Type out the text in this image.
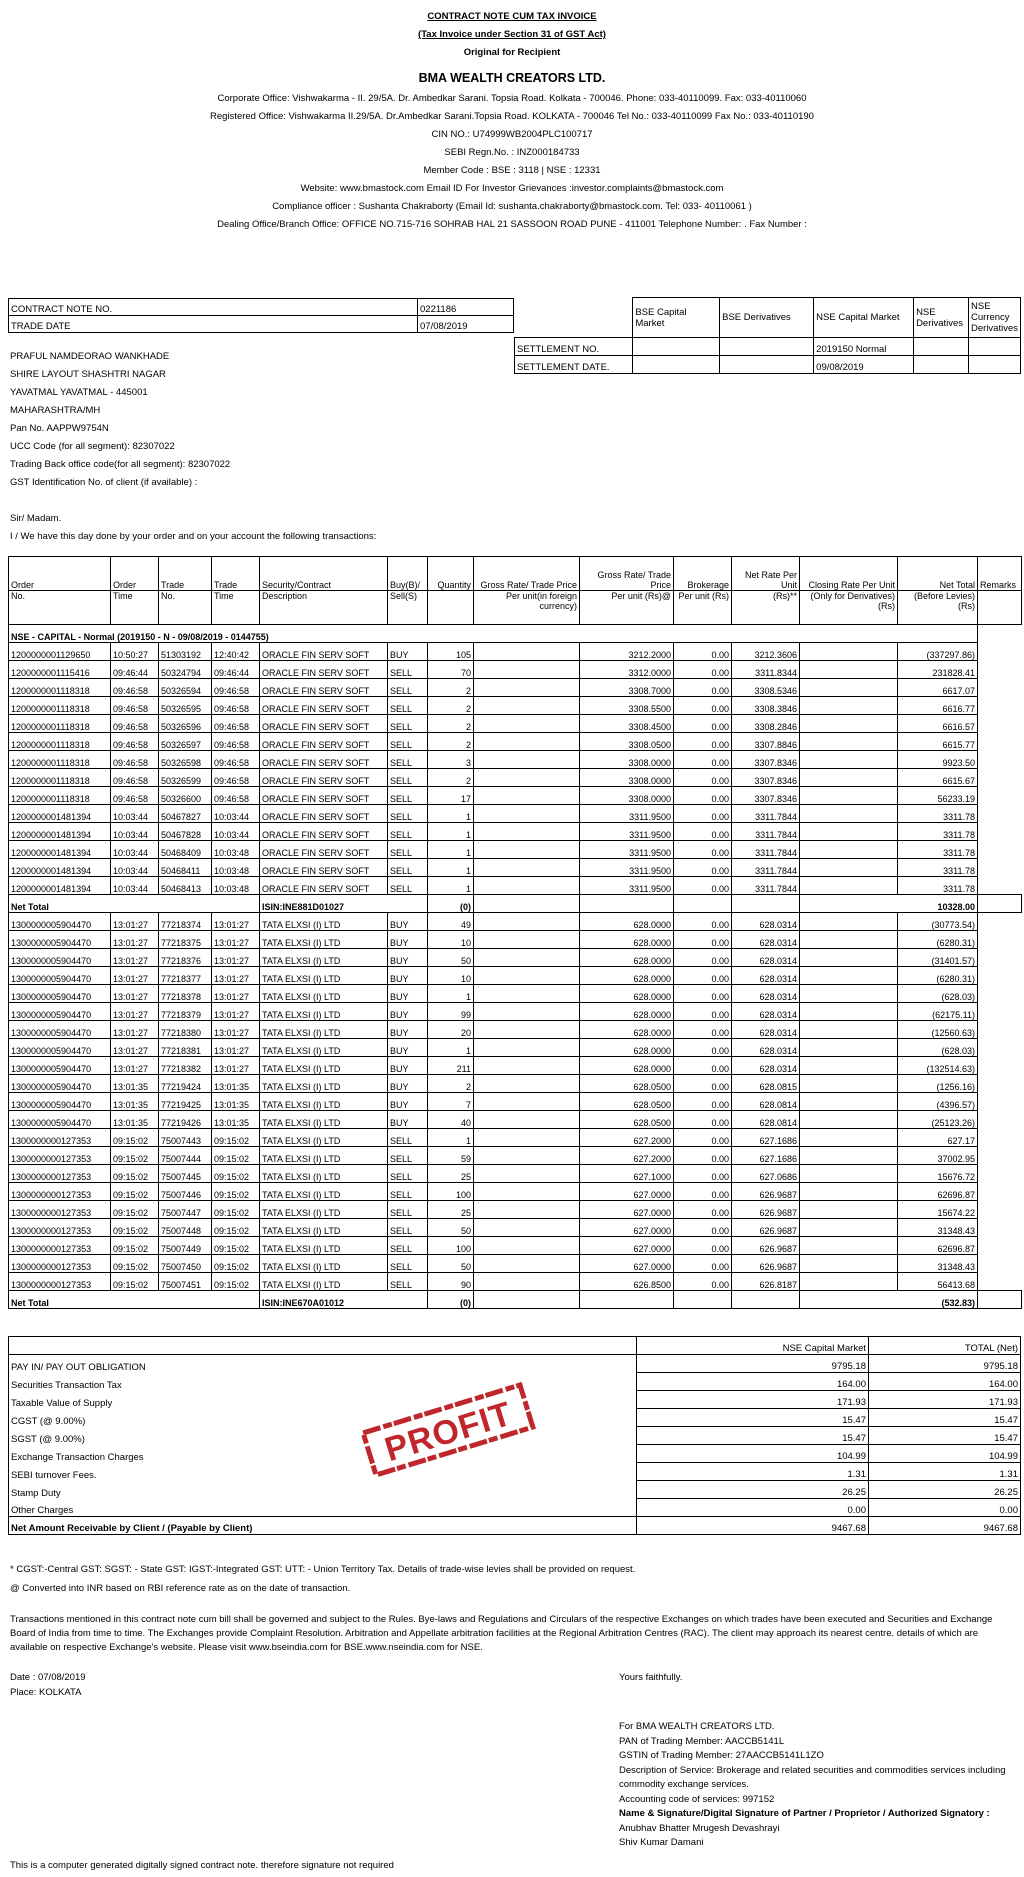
CONTRACT NOTE CUM TAX INVOICE
(Tax Invoice under Section 31 of GST Act)
Original for Recipient
BMA WEALTH CREATORS LTD.
Corporate Office: Vishwakarma - II. 29/5A. Dr. Ambedkar Sarani. Topsia Road. Kolkata - 700046. Phone: 033-40110099. Fax: 033-40110060
Registered Office: Vishwakarma II.29/5A. Dr.Ambedkar Sarani.Topsia Road. KOLKATA - 700046 Tel No.: 033-40110099 Fax No.: 033-40110190
CIN NO.: U74999WB2004PLC100717
SEBI Regn.No. : INZ000184733
Member Code : BSE : 3118 | NSE : 12331
Website: www.bmastock.com Email ID For Investor Grievances :investor.complaints@bmastock.com
Compliance officer : Sushanta Chakraborty (Email Id: sushanta.chakraborty@bmastock.com. Tel: 033- 40110061 )
Dealing Office/Branch Office: OFFICE NO.715-716 SOHRAB HAL 21 SASSOON ROAD PUNE - 411001 Telephone Number: . Fax Number :
CONTRACT NOTE NO.	0221186
TRADE DATE	07/08/2019
	BSE Capital Market	BSE Derivatives	NSE Capital Market	NSE Derivatives	NSE Currency Derivatives
SETTLEMENT NO.			2019150 Normal		
SETTLEMENT DATE.			09/08/2019		
PRAFUL NAMDEORAO WANKHADE
SHIRE LAYOUT SHASHTRI NAGAR
YAVATMAL YAVATMAL - 445001
MAHARASHTRA/MH
Pan No. AAPPW9754N
UCC Code (for all segment): 82307022
Trading Back office code(for all segment): 82307022
GST Identification No. of client (if available) :
Sir/ Madam.
I / We have this day done by your order and on your account the following transactions:
Order	Order	Trade	Trade	Security/Contract	Buy(B)/	Quantity	Gross Rate/ Trade Price	Gross Rate/ Trade Price	Brokerage	Net Rate Per Unit	Closing Rate Per Unit	Net Total	Remarks	
No.	Time	No.	Time	Description	Sell(S)		Per unit(in foreign currency)	Per unit (Rs)@	Per unit (Rs)	(Rs)**	(Only for Derivatives)(Rs)	(Before Levies)(Rs)		
NSE - CAPITAL - Normal (2019150 - N - 09/08/2019 - 0144755)														
1200000001129650	10:50:27	51303192	12:40:42	ORACLE FIN SERV SOFT	BUY	105		3212.2000	0.00	3212.3606		(337297.86)		
1200000001115416	09:46:44	50324794	09:46:44	ORACLE FIN SERV SOFT	SELL	70		3312.0000	0.00	3311.8344		231828.41		
1200000001118318	09:46:58	50326594	09:46:58	ORACLE FIN SERV SOFT	SELL	2		3308.7000	0.00	3308.5346		6617.07		
1200000001118318	09:46:58	50326595	09:46:58	ORACLE FIN SERV SOFT	SELL	2		3308.5500	0.00	3308.3846		6616.77		
1200000001118318	09:46:58	50326596	09:46:58	ORACLE FIN SERV SOFT	SELL	2		3308.4500	0.00	3308.2846		6616.57		
1200000001118318	09:46:58	50326597	09:46:58	ORACLE FIN SERV SOFT	SELL	2		3308.0500	0.00	3307.8846		6615.77		
1200000001118318	09:46:58	50326598	09:46:58	ORACLE FIN SERV SOFT	SELL	3		3308.0000	0.00	3307.8346		9923.50		
1200000001118318	09:46:58	50326599	09:46:58	ORACLE FIN SERV SOFT	SELL	2		3308.0000	0.00	3307.8346		6615.67		
1200000001118318	09:46:58	50326600	09:46:58	ORACLE FIN SERV SOFT	SELL	17		3308.0000	0.00	3307.8346		56233.19		
1200000001481394	10:03:44	50467827	10:03:44	ORACLE FIN SERV SOFT	SELL	1		3311.9500	0.00	3311.7844		3311.78		
1200000001481394	10:03:44	50467828	10:03:44	ORACLE FIN SERV SOFT	SELL	1		3311.9500	0.00	3311.7844		3311.78		
1200000001481394	10:03:44	50468409	10:03:48	ORACLE FIN SERV SOFT	SELL	1		3311.9500	0.00	3311.7844		3311.78		
1200000001481394	10:03:44	50468411	10:03:48	ORACLE FIN SERV SOFT	SELL	1		3311.9500	0.00	3311.7844		3311.78		
1200000001481394	10:03:44	50468413	10:03:48	ORACLE FIN SERV SOFT	SELL	1		3311.9500	0.00	3311.7844		3311.78		
Net Total				ISIN:INE881D01027		(0)					10328.00			
1300000005904470	13:01:27	77218374	13:01:27	TATA ELXSI (I) LTD	BUY	49		628.0000	0.00	628.0314		(30773.54)		
1300000005904470	13:01:27	77218375	13:01:27	TATA ELXSI (I) LTD	BUY	10		628.0000	0.00	628.0314		(6280.31)		
1300000005904470	13:01:27	77218376	13:01:27	TATA ELXSI (I) LTD	BUY	50		628.0000	0.00	628.0314		(31401.57)		
1300000005904470	13:01:27	77218377	13:01:27	TATA ELXSI (I) LTD	BUY	10		628.0000	0.00	628.0314		(6280.31)		
1300000005904470	13:01:27	77218378	13:01:27	TATA ELXSI (I) LTD	BUY	1		628.0000	0.00	628.0314		(628.03)		
1300000005904470	13:01:27	77218379	13:01:27	TATA ELXSI (I) LTD	BUY	99		628.0000	0.00	628.0314		(62175.11)		
1300000005904470	13:01:27	77218380	13:01:27	TATA ELXSI (I) LTD	BUY	20		628.0000	0.00	628.0314		(12560.63)		
1300000005904470	13:01:27	77218381	13:01:27	TATA ELXSI (I) LTD	BUY	1		628.0000	0.00	628.0314		(628.03)		
1300000005904470	13:01:27	77218382	13:01:27	TATA ELXSI (I) LTD	BUY	211		628.0000	0.00	628.0314		(132514.63)		
1300000005904470	13:01:35	77219424	13:01:35	TATA ELXSI (I) LTD	BUY	2		628.0500	0.00	628.0815		(1256.16)		
1300000005904470	13:01:35	77219425	13:01:35	TATA ELXSI (I) LTD	BUY	7		628.0500	0.00	628.0814		(4396.57)		
1300000005904470	13:01:35	77219426	13:01:35	TATA ELXSI (I) LTD	BUY	40		628.0500	0.00	628.0814		(25123.26)		
1300000000127353	09:15:02	75007443	09:15:02	TATA ELXSI (I) LTD	SELL	1		627.2000	0.00	627.1686		627.17		
1300000000127353	09:15:02	75007444	09:15:02	TATA ELXSI (I) LTD	SELL	59		627.2000	0.00	627.1686		37002.95		
1300000000127353	09:15:02	75007445	09:15:02	TATA ELXSI (I) LTD	SELL	25		627.1000	0.00	627.0686		15676.72		
1300000000127353	09:15:02	75007446	09:15:02	TATA ELXSI (I) LTD	SELL	100		627.0000	0.00	626.9687		62696.87		
1300000000127353	09:15:02	75007447	09:15:02	TATA ELXSI (I) LTD	SELL	25		627.0000	0.00	626.9687		15674.22		
1300000000127353	09:15:02	75007448	09:15:02	TATA ELXSI (I) LTD	SELL	50		627.0000	0.00	626.9687		31348.43		
1300000000127353	09:15:02	75007449	09:15:02	TATA ELXSI (I) LTD	SELL	100		627.0000	0.00	626.9687		62696.87		
1300000000127353	09:15:02	75007450	09:15:02	TATA ELXSI (I) LTD	SELL	50		627.0000	0.00	626.9687		31348.43		
1300000000127353	09:15:02	75007451	09:15:02	TATA ELXSI (I) LTD	SELL	90		626.8500	0.00	626.8187		56413.68		
Net Total				ISIN:INE670A01012		(0)					(532.83)			
	NSE Capital Market	TOTAL (Net)
PAY IN/ PAY OUT OBLIGATION	9795.18	9795.18
Securities Transaction Tax	164.00	164.00
Taxable Value of Supply	171.93	171.93
CGST (@ 9.00%)	15.47	15.47
SGST (@ 9.00%)	15.47	15.47
Exchange Transaction Charges	104.99	104.99
SEBI turnover Fees.	1.31	1.31
Stamp Duty	26.25	26.25
Other Charges	0.00	0.00
Net Amount Receivable by Client / (Payable by Client)	9467.68	9467.68
PROFIT
* CGST:-Central GST: SGST: - State GST: IGST:-Integrated GST: UTT: - Union Territory Tax. Details of trade-wise levies shall be provided on request.
@ Converted into INR based on RBI reference rate as on the date of transaction.
Transactions mentioned in this contract note cum bill shall be governed and subject to the Rules. Bye-laws and Regulations and Circulars of the respective Exchanges on which trades have been executed and Securities and Exchange Board of India from time to time. The Exchanges provide Complaint Resolution. Arbitration and Appellate arbitration facilities at the Regional Arbitration Centres (RAC). The client may approach its nearest centre. details of which are available on respective Exchange's website. Please visit www.bseindia.com for BSE.www.nseindia.com for NSE.
Date : 07/08/2019
Place: KOLKATA
Yours faithfully.
For BMA WEALTH CREATORS LTD.
PAN of Trading Member: AACCB5141L
GSTIN of Trading Member: 27AACCB5141L1ZO
Description of Service: Brokerage and related securities and commodities services including commodity exchange services.
Accounting code of services: 997152
Name & Signature/Digital Signature of Partner / Proprietor / Authorized Signatory :
Anubhav Bhatter Mrugesh Devashrayi
Shiv Kumar Damani
This is a computer generated digitally signed contract note. therefore signature not required
